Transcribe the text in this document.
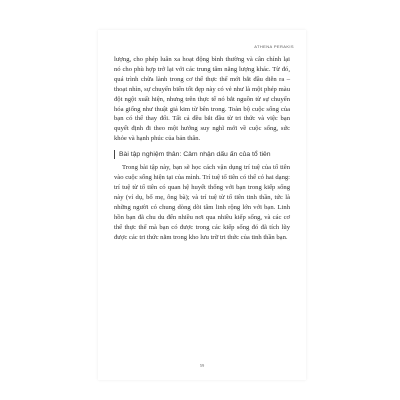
ATHENA PERAKIS

lượng, cho phép luân xa hoạt động bình thường và cân chỉnh lại nó cho phù hợp trở lại với các trung tâm năng lượng khác. Từ đó, quá trình chữa lành trong cơ thể thực thể mới bắt đầu diễn ra – thoạt nhìn, sự chuyển biến tốt đẹp này có vẻ như là một phép màu đột ngột xuất hiện, nhưng trên thực tế nó bắt nguồn từ sự chuyển hóa giống như thuật giả kim từ bên trong. Toàn bộ cuộc sống của bạn có thể thay đổi. Tất cả đều bắt đầu từ tri thức và việc bạn quyết định đi theo một hướng suy nghĩ mới về cuộc sống, sức khỏe và hạnh phúc của bản thân.

Bài tập nghiệm thân: Cảm nhận dấu ấn của tổ tiên

Trong bài tập này, bạn sẽ học cách vận dụng trí tuệ của tổ tiên vào cuộc sống hiện tại của mình. Trí tuệ tổ tiên có thể có hai dạng: trí tuệ từ tổ tiên có quan hệ huyết thống với bạn trong kiếp sống này (ví dụ, bố mẹ, ông bà); và trí tuệ từ tổ tiên tinh thần, tức là những người có chung dòng dõi tâm linh rộng lớn với bạn. Linh hồn bạn đã chu du đến nhiều nơi qua nhiều kiếp sống, và các cơ thể thực thể mà bạn có được trong các kiếp sống đó đã tích lũy được các tri thức nằm trong kho lưu trữ tri thức của tinh thần bạn.

59
